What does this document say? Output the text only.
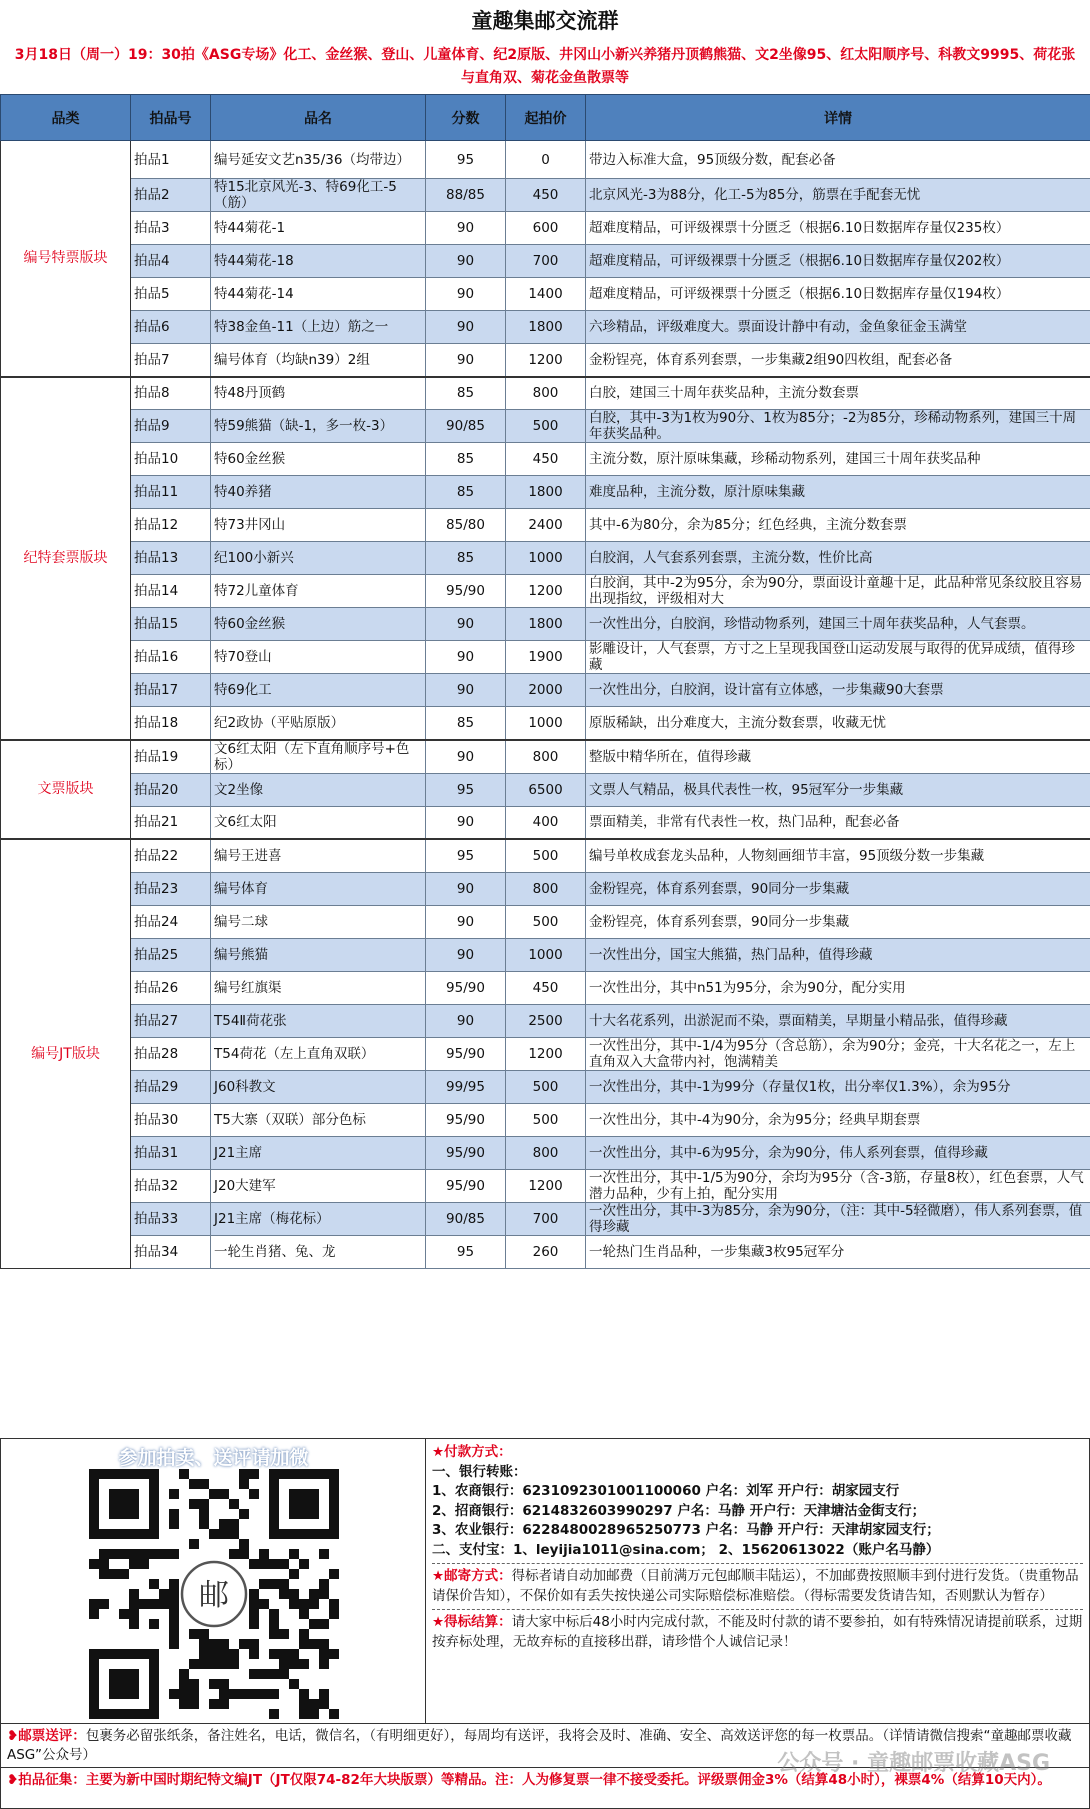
童趣集邮交流群
3月18日（周一）19：30拍《ASG专场》化工、金丝猴、登山、儿童体育、纪2原版、井冈山小新兴养猪丹顶鹤熊猫、文2坐像95、红太阳顺序号、科教文9995、荷花张与直角双、菊花金鱼散票等
品类	拍品号	品名	分数	起拍价	详情
编号特票版块	拍品1	编号延安文艺n35/36（均带边）	95	0	带边入标准大盒，95顶级分数，配套必备
	拍品2	特15北京风光-3、特69化工-5（筋）	88/85	450	北京风光-3为88分，化工-5为85分，筋票在手配套无忧
	拍品3	特44菊花-1	90	600	超难度精品，可评级裸票十分匮乏（根据6.10日数据库存量仅235枚）
	拍品4	特44菊花-18	90	700	超难度精品，可评级裸票十分匮乏（根据6.10日数据库存量仅202枚）
	拍品5	特44菊花-14	90	1400	超难度精品，可评级裸票十分匮乏（根据6.10日数据库存量仅194枚）
	拍品6	特38金鱼-11（上边）筋之一	90	1800	六珍精品，评级难度大。票面设计静中有动，金鱼象征金玉满堂
	拍品7	编号体育（均缺n39）2组	90	1200	金粉锃亮，体育系列套票，一步集藏2组90四枚组，配套必备
纪特套票版块	拍品8	特48丹顶鹤	85	800	白胶，建国三十周年获奖品种，主流分数套票
	拍品9	特59熊猫（缺-1，多一枚-3）	90/85	500	白胶，其中-3为1枚为90分、1枚为85分；-2为85分，珍稀动物系列，建国三十周年获奖品种。
	拍品10	特60金丝猴	85	450	主流分数，原汁原味集藏，珍稀动物系列，建国三十周年获奖品种
	拍品11	特40养猪	85	1800	难度品种，主流分数，原汁原味集藏
	拍品12	特73井冈山	85/80	2400	其中-6为80分，余为85分；红色经典，主流分数套票
	拍品13	纪100小新兴	85	1000	白胶润，人气套系列套票，主流分数，性价比高
	拍品14	特72儿童体育	95/90	1200	白胶润，其中-2为95分，余为90分，票面设计童趣十足，此品种常见条纹胶且容易出现指纹，评级相对大
	拍品15	特60金丝猴	90	1800	一次性出分，白胶润，珍惜动物系列，建国三十周年获奖品种，人气套票。
	拍品16	特70登山	90	1900	影雕设计，人气套票，方寸之上呈现我国登山运动发展与取得的优异成绩，值得珍藏
	拍品17	特69化工	90	2000	一次性出分，白胶润，设计富有立体感，一步集藏90大套票
	拍品18	纪2政协（平贴原版）	85	1000	原版稀缺，出分难度大，主流分数套票，收藏无忧
文票版块	拍品19	文6红太阳（左下直角顺序号+色标）	90	800	整版中精华所在，值得珍藏
	拍品20	文2坐像	95	6500	文票人气精品，极具代表性一枚，95冠军分一步集藏
	拍品21	文6红太阳	90	400	票面精美，非常有代表性一枚，热门品种，配套必备
编号JT版块	拍品22	编号王进喜	95	500	编号单枚成套龙头品种，人物刻画细节丰富，95顶级分数一步集藏
	拍品23	编号体育	90	800	金粉锃亮，体育系列套票，90同分一步集藏
	拍品24	编号二球	90	500	金粉锃亮，体育系列套票，90同分一步集藏
	拍品25	编号熊猫	90	1000	一次性出分，国宝大熊猫，热门品种，值得珍藏
	拍品26	编号红旗渠	95/90	450	一次性出分，其中n51为95分，余为90分，配分实用
	拍品27	T54Ⅱ荷花张	90	2500	十大名花系列，出淤泥而不染，票面精美，早期量小精品张，值得珍藏
	拍品28	T54荷花（左上直角双联）	95/90	1200	一次性出分，其中-1/4为95分（含总筋），余为90分；金亮，十大名花之一，左上直角双入大盒带内衬，饱满精美
	拍品29	J60科教文	99/95	500	一次性出分，其中-1为99分（存量仅1枚，出分率仅1.3%），余为95分
	拍品30	T5大寨（双联）部分色标	95/90	500	一次性出分，其中-4为90分，余为95分；经典早期套票
	拍品31	J21主席	95/90	800	一次性出分，其中-6为95分，余为90分，伟人系列套票，值得珍藏
	拍品32	J20大建军	95/90	1200	一次性出分，其中-1/5为90分，余均为95分（含-3筋，存量8枚），红色套票，人气潜力品种，少有上拍，配分实用
	拍品33	J21主席（梅花标）	90/85	700	一次性出分，其中-3为85分，余为90分，（注：其中-5轻微磨），伟人系列套票，值得珍藏
	拍品34	一轮生肖猪、兔、龙	95	260	一轮热门生肖品种，一步集藏3枚95冠军分
参加拍卖、送评请加微
邮
★付款方式：
一、银行转账：
1、农商银行：6231092301001100060 户名：刘军 开户行：胡家园支行
2、招商银行：6214832603990297 户名：马静 开户行：天津塘沽金街支行；
3、农业银行：6228480028965250773 户名：马静 开户行：天津胡家园支行；
二、支付宝：1、leyijia1011@sina.com； 2、15620613022（账户名马静）
★邮寄方式：得标者请自动加邮费（目前满万元包邮顺丰陆运），不加邮费按照顺丰到付进行发货。（贵重物品请保价告知），不保价如有丢失按快递公司实际赔偿标准赔偿。（得标需要发货请告知，否则默认为暂存）
★得标结算：请大家中标后48小时内完成付款，不能及时付款的请不要参拍，如有特殊情况请提前联系，过期按弃标处理，无故弃标的直接移出群，请珍惜个人诚信记录！
❥邮票送评：包裹务必留张纸条，备注姓名，电话，微信名，（有明细更好），每周均有送评，我将会及时、准确、安全、高效送评您的每一枚票品。（详情请微信搜索“童趣邮票收藏ASG”公众号）
❥拍品征集：主要为新中国时期纪特文编JT（JT仅限74-82年大块版票）等精品。注：人为修复票一律不接受委托。评级票佣金3%（结算48小时），裸票4%（结算10天内）。
公众号 · 童趣邮票收藏ASG
